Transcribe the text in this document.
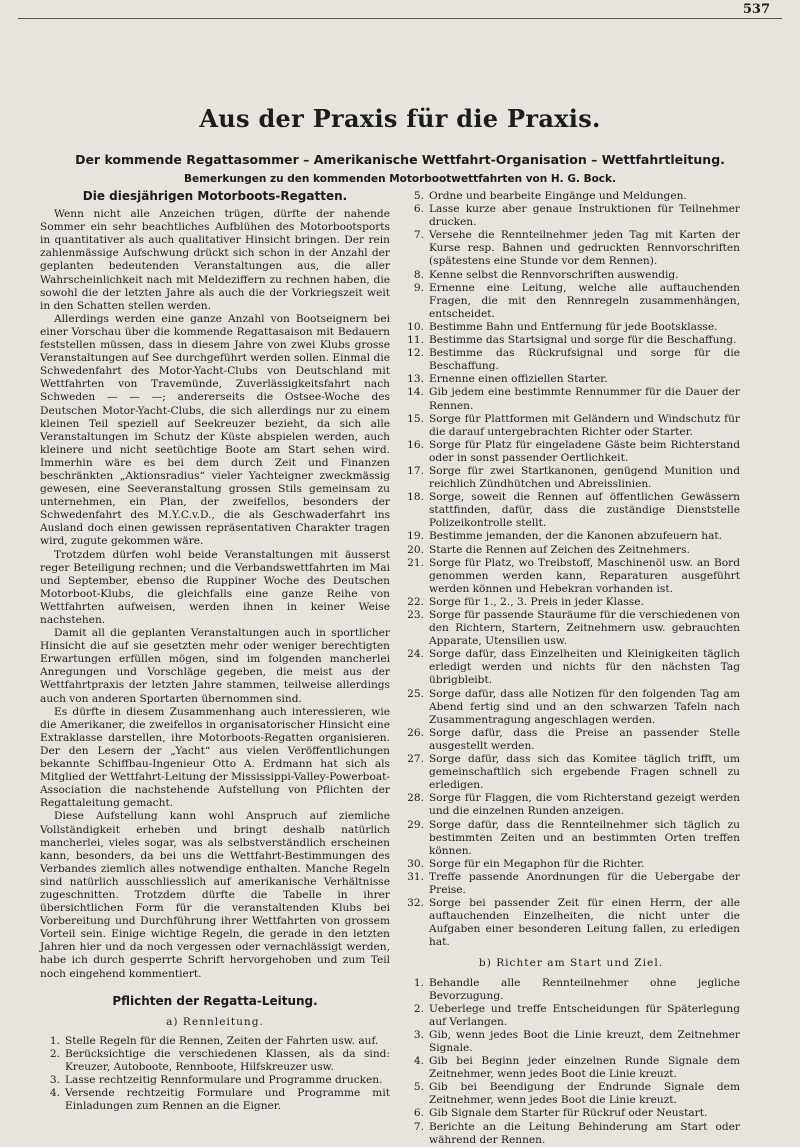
537
Aus der Praxis für die Praxis.
Der kommende Regattasommer – Amerikanische Wettfahrt-Organisation – Wettfahrtleitung.
Bemerkungen zu den kommenden Motorbootwettfahrten von H. G. Bock.
Die diesjährigen Motorboots-Regatten.

Wenn nicht alle Anzeichen trügen, dürfte der nahende Sommer ein sehr beachtliches Aufblühen des Motorbootsports in quantitativer als auch qualitativer Hinsicht bringen. Der rein zahlenmässige Aufschwung drückt sich schon in der Anzahl der geplanten bedeutenden Veranstaltungen aus, die aller Wahrscheinlichkeit nach mit Meldeziffern zu rechnen haben, die sowohl die der letzten Jahre als auch die der Vorkriegszeit weit in den Schatten stellen werden.

Allerdings werden eine ganze Anzahl von Bootseignern bei einer Vorschau über die kommende Regattasaison mit Bedauern feststellen müssen, dass in diesem Jahre von zwei Klubs grosse Veranstaltungen auf See durchgeführt werden sollen. Einmal die Schwedenfahrt des Motor-Yacht-Clubs von Deutschland mit Wettfahrten von Travemünde, Zuverlässigkeitsfahrt nach Schweden — — —; andererseits die Ostsee-Woche des Deutschen Motor-Yacht-Clubs, die sich allerdings nur zu einem kleinen Teil speziell auf Seekreuzer bezieht, da sich alle Veranstaltungen im Schutz der Küste abspielen werden, auch kleinere und nicht seetüchtige Boote am Start sehen wird. Immerhin wäre es bei dem durch Zeit und Finanzen beschränkten „Aktionsradius“ vieler Yachteigner zweckmässig gewesen, eine Seeveranstaltung grossen Stils gemeinsam zu unternehmen, ein Plan, der zweifellos, besonders der Schwedenfahrt des M.Y.C.v.D., die als Geschwaderfahrt ins Ausland doch einen gewissen repräsentativen Charakter tragen wird, zugute gekommen wäre.

Trotzdem dürfen wohl beide Veranstaltungen mit äusserst reger Beteiligung rechnen; und die Verbandswettfahrten im Mai und September, ebenso die Ruppiner Woche des Deutschen Motorboot-Klubs, die gleichfalls eine ganze Reihe von Wettfahrten aufweisen, werden ihnen in keiner Weise nachstehen.

Damit all die geplanten Veranstaltungen auch in sportlicher Hinsicht die auf sie gesetzten mehr oder weniger berechtigten Erwartungen erfüllen mögen, sind im folgenden mancherlei Anregungen und Vorschläge gegeben, die meist aus der Wettfahrtpraxis der letzten Jahre stammen, teilweise allerdings auch von anderen Sportarten übernommen sind.

Es dürfte in diesem Zusammenhang auch interessieren, wie die Amerikaner, die zweifellos in organisatorischer Hinsicht eine Extraklasse darstellen, ihre Motorboots-Regatten organisieren. Der den Lesern der „Yacht“ aus vielen Veröffentlichungen bekannte Schiffbau-Ingenieur Otto A. Erdmann hat sich als Mitglied der Wettfahrt-Leitung der Mississippi-Valley-Powerboat-Association die nachstehende Aufstellung von Pflichten der Regattaleitung gemacht.

Diese Aufstellung kann wohl Anspruch auf ziemliche Vollständigkeit erheben und bringt deshalb natürlich mancherlei, vieles sogar, was als selbstverständlich erscheinen kann, besonders, da bei uns die Wettfahrt-Bestimmungen des Verbandes ziemlich alles notwendige enthalten. Manche Regeln sind natürlich ausschliesslich auf amerikanische Verhältnisse zugeschnitten. Trotzdem dürfte die Tabelle in ihrer übersichtlichen Form für die veranstaltenden Klubs bei Vorbereitung und Durchführung ihrer Wettfahrten von grossem Vorteil sein. Einige wichtige Regeln, die gerade in den letzten Jahren hier und da noch vergessen oder vernachlässigt werden, habe ich durch gesperrte Schrift hervorgehoben und zum Teil noch eingehend kommentiert.

Pflichten der Regatta-Leitung.
a) Rennleitung.
1. Stelle Regeln für die Rennen, Zeiten der Fahrten usw. auf.
2. Berücksichtige die verschiedenen Klassen, als da sind: Kreuzer, Autoboote, Rennboote, Hilfskreuzer usw.
3. Lasse rechtzeitig Rennformulare und Programme drucken.
4. Versende rechtzeitig Formulare und Programme mit Einladungen zum Rennen an die Eigner.
5. Ordne und bearbeite Eingänge und Meldungen.
6. Lasse kurze aber genaue Instruktionen für Teilnehmer drucken.
7. Versehe die Rennteilnehmer jeden Tag mit Karten der Kurse resp. Bahnen und gedruckten Rennvorschriften (spätestens eine Stunde vor dem Rennen).
8. Kenne selbst die Rennvorschriften auswendig.
9. Ernenne eine Leitung, welche alle auftauchenden Fragen, die mit den Rennregeln zusammenhängen, entscheidet.
10. Bestimme Bahn und Entfernung für jede Bootsklasse.
11. Bestimme das Startsignal und sorge für die Beschaffung.
12. Bestimme das Rückrufsignal und sorge für die Beschaffung.
13. Ernenne einen offiziellen Starter.
14. Gib jedem eine bestimmte Rennummer für die Dauer der Rennen.
15. Sorge für Plattformen mit Geländern und Windschutz für die darauf untergebrachten Richter oder Starter.
16. Sorge für Platz für eingeladene Gäste beim Richterstand oder in sonst passender Oertlichkeit.
17. Sorge für zwei Startkanonen, genügend Munition und reichlich Zündhütchen und Abreisslinien.
18. Sorge, soweit die Rennen auf öffentlichen Gewässern stattfinden, dafür, dass die zuständige Dienststelle Polizeikontrolle stellt.
19. Bestimme jemanden, der die Kanonen abzufeuern hat.
20. Starte die Rennen auf Zeichen des Zeitnehmers.
21. Sorge für Platz, wo Treibstoff, Maschinenöl usw. an Bord genommen werden kann, Reparaturen ausgeführt werden können und Hebekran vorhanden ist.
22. Sorge für 1., 2., 3. Preis in jeder Klasse.
23. Sorge für passende Stauräume für die verschiedenen von den Richtern, Startern, Zeitnehmern usw. gebrauchten Apparate, Utensilien usw.
24. Sorge dafür, dass Einzelheiten und Kleinigkeiten täglich erledigt werden und nichts für den nächsten Tag übrigbleibt.
25. Sorge dafür, dass alle Notizen für den folgenden Tag am Abend fertig sind und an den schwarzen Tafeln nach Zusammentragung angeschlagen werden.
26. Sorge dafür, dass die Preise an passender Stelle ausgestellt werden.
27. Sorge dafür, dass sich das Komitee täglich trifft, um gemeinschaftlich sich ergebende Fragen schnell zu erledigen.
28. Sorge für Flaggen, die vom Richterstand gezeigt werden und die einzelnen Runden anzeigen.
29. Sorge dafür, dass die Rennteilnehmer sich täglich zu bestimmten Zeiten und an bestimmten Orten treffen können.
30. Sorge für ein Megaphon für die Richter.
31. Treffe passende Anordnungen für die Uebergabe der Preise.
32. Sorge bei passender Zeit für einen Herrn, der alle auftauchenden Einzelheiten, die nicht unter die Aufgaben einer besonderen Leitung fallen, zu erledigen hat.
b) Richter am Start und Ziel.
1. Behandle alle Rennteilnehmer ohne jegliche Bevorzugung.
2. Ueberlege und treffe Entscheidungen für Späterlegung auf Verlangen.
3. Gib, wenn jedes Boot die Linie kreuzt, dem Zeitnehmer Signale.
4. Gib bei Beginn jeder einzelnen Runde Signale dem Zeitnehmer, wenn jedes Boot die Linie kreuzt.
5. Gib bei Beendigung der Endrunde Signale dem Zeitnehmer, wenn jedes Boot die Linie kreuzt.
6. Gib Signale dem Starter für Rückruf oder Neustart.
7. Berichte an die Leitung Behinderung am Start oder während der Rennen.
